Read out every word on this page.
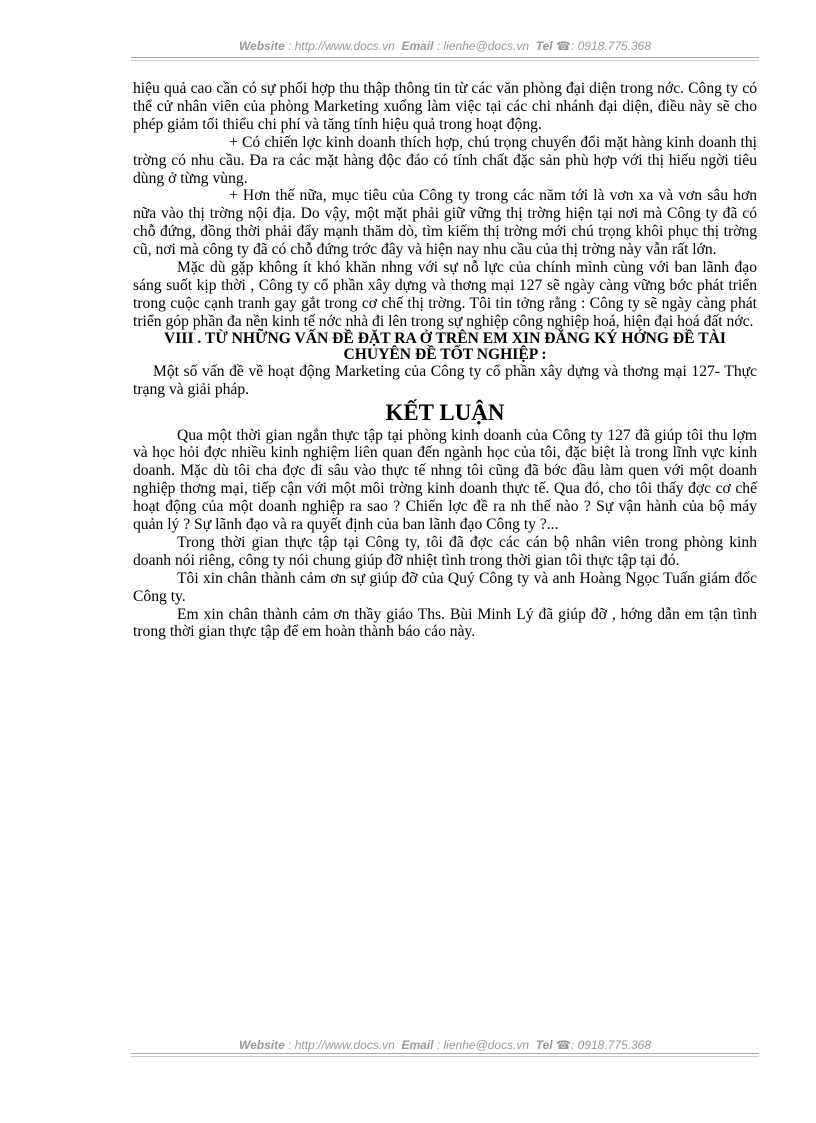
Website : http://www.docs.vn Email : lienhe@docs.vn Tel ☎: 0918.775.368

hiệu quả cao cần có sự phối hợp thu thập thông tin từ các văn phòng đại diện trong nớc. Công ty có thể cử nhân viên của phòng Marketing xuống làm việc tại các chi nhánh đại diện, điều này sẽ cho phép giảm tối thiểu chi phí và tăng tính hiệu quả trong hoạt động.

+ Có chiến lợc kinh doanh thích hợp, chú trọng chuyển đổi mặt hàng kinh doanh thị trờng có nhu cầu. Đa ra các mặt hàng độc đáo có tính chất đặc sản phù hợp với thị hiếu ngời tiêu dùng ở từng vùng.

+ Hơn thế nữa, mục tiêu của Công ty trong các năm tới là vơn xa và vơn sâu hơn nữa vào thị trờng nội địa. Do vậy, một mặt phải giữ vững thị trờng hiện tại nơi mà Công ty đã có chỗ đứng, đồng thời phải đẩy mạnh thăm dò, tìm kiếm thị trờng mới chú trọng khôi phục thị trờng cũ, nơi mà công ty đã có chỗ đứng trớc đây và hiện nay nhu cầu của thị trờng này vẫn rất lớn.

Mặc dù gặp không ít khó khăn nhng với sự nỗ lực của chính mình cùng với ban lãnh đạo sáng suốt kịp thời , Công ty cổ phần xây dựng và thơng mại 127 sẽ ngày càng vững bớc phát triển trong cuộc cạnh tranh gay gắt trong cơ chế thị trờng. Tôi tin tởng rằng : Công ty sẽ ngày càng phát triển góp phần đa nền kinh tế nớc nhà đi lên trong sự nghiệp công nghiệp hoá, hiện đại hoá đất nớc.

VIII . TỪ NHỮNG VẤN ĐỀ ĐẶT RA Ở TRÊN EM XIN ĐĂNG KÝ HỚNG ĐỀ TÀI CHUYÊN ĐỀ TỐT NGHIỆP :

Một số vấn đề về hoạt động Marketing của Công ty cổ phần xây dựng và thơng mại 127- Thực trạng và giải pháp.

KẾT LUẬN

Qua một thời gian ngắn thực tập tại phòng kinh doanh của Công ty 127 đã giúp tôi thu lợm và học hỏi đợc nhiều kinh nghiệm liên quan đến ngành học của tôi, đặc biệt là trong lĩnh vực kinh doanh. Mặc dù tôi cha đợc đi sâu vào thực tế nhng tôi cũng đã bớc đầu làm quen với một doanh nghiệp thơng mại, tiếp cận với một môi trờng kinh doanh thực tế. Qua đó, cho tôi thấy đợc cơ chế hoạt động của một doanh nghiệp ra sao ? Chiến lợc đề ra nh thế nào ? Sự vận hành của bộ máy quản lý ? Sự lãnh đạo và ra quyết định của ban lãnh đạo Công ty ?...

Trong thời gian thực tập tại Công ty, tôi đã đợc các cán bộ nhân viên trong phòng kinh doanh nói riêng, công ty nói chung giúp đỡ nhiệt tình trong thời gian tôi thực tập tại đó.

Tôi xin chân thành cảm ơn sự giúp đỡ của Quý Công ty và anh Hoàng Ngọc Tuấn giám đốc Công ty.

Em xin chân thành cảm ơn thầy giáo Ths. Bùi Minh Lý đã giúp đỡ , hớng dẫn em tận tình trong thời gian thực tập để em hoàn thành báo cáo này.

Website : http://www.docs.vn Email : lienhe@docs.vn Tel ☎: 0918.775.368
